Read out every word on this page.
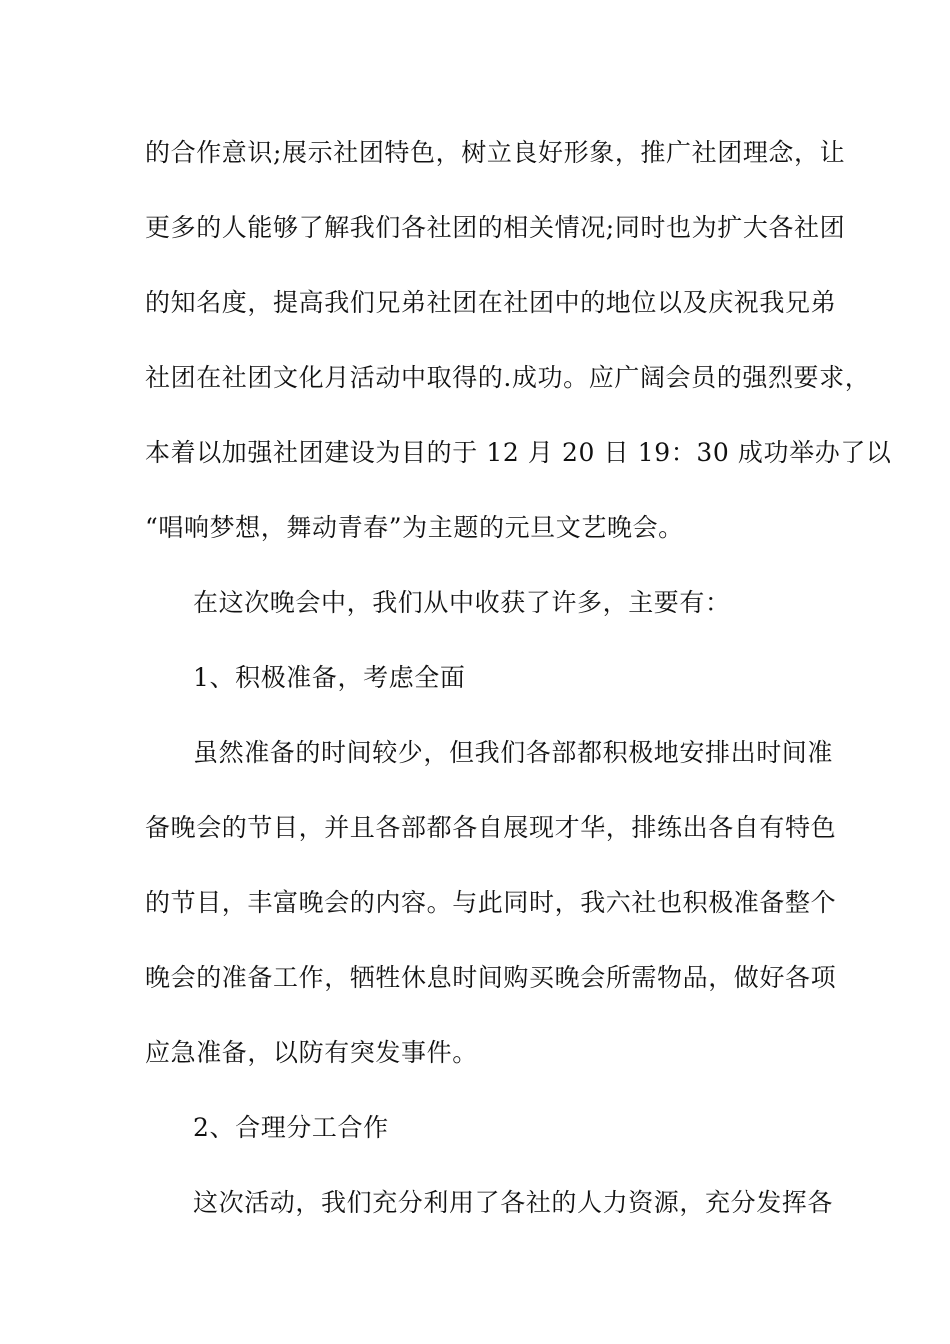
的合作意识;展示社团特色，树立良好形象，推广社团理念，让
更多的人能够了解我们各社团的相关情况;同时也为扩大各社团
的知名度，提高我们兄弟社团在社团中的地位以及庆祝我兄弟
社团在社团文化月活动中取得的.成功。应广阔会员的强烈要求，
本着以加强社团建设为目的于 12 月 20 日 19：30 成功举办了以
“唱响梦想，舞动青春”为主题的元旦文艺晚会。
在这次晚会中，我们从中收获了许多，主要有：
1、积极准备，考虑全面
虽然准备的时间较少，但我们各部都积极地安排出时间准
备晚会的节目，并且各部都各自展现才华，排练出各自有特色
的节目，丰富晚会的内容。与此同时，我六社也积极准备整个
晚会的准备工作，牺牲休息时间购买晚会所需物品，做好各项
应急准备，以防有突发事件。
2、合理分工合作
这次活动，我们充分利用了各社的人力资源，充分发挥各
